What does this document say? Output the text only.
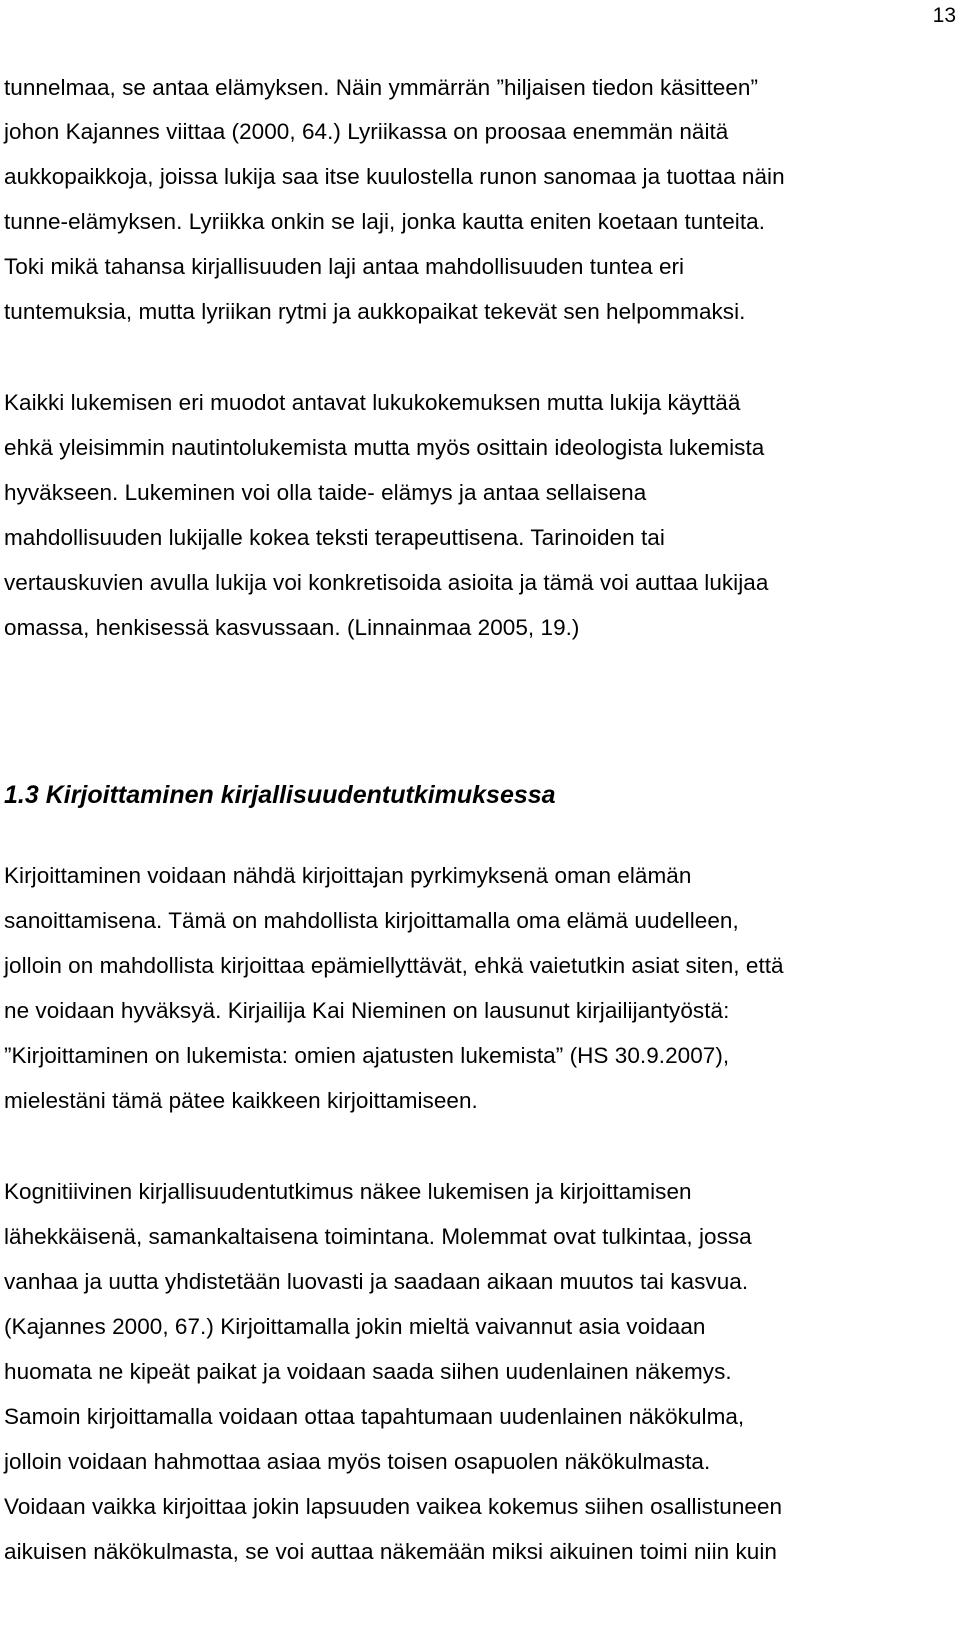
13
tunnelmaa, se antaa elämyksen. Näin ymmärrän ”hiljaisen tiedon käsitteen”
johon Kajannes viittaa (2000, 64.) Lyriikassa on proosaa enemmän näitä
aukkopaikkoja, joissa lukija saa itse kuulostella runon sanomaa ja tuottaa näin
tunne-elämyksen. Lyriikka onkin se laji, jonka kautta eniten koetaan tunteita.
Toki mikä tahansa kirjallisuuden laji antaa mahdollisuuden tuntea eri
tuntemuksia, mutta lyriikan rytmi ja aukkopaikat tekevät sen helpommaksi.
Kaikki lukemisen eri muodot antavat lukukokemuksen mutta lukija käyttää
ehkä yleisimmin nautintolukemista mutta myös osittain ideologista lukemista
hyväkseen. Lukeminen voi olla taide- elämys ja antaa sellaisena
mahdollisuuden lukijalle kokea teksti terapeuttisena. Tarinoiden tai
vertauskuvien avulla lukija voi konkretisoida asioita ja tämä voi auttaa lukijaa
omassa, henkisessä kasvussaan. (Linnainmaa 2005, 19.)
1.3 Kirjoittaminen kirjallisuudentutkimuksessa
Kirjoittaminen voidaan nähdä kirjoittajan pyrkimyksenä oman elämän
sanoittamisena. Tämä on mahdollista kirjoittamalla oma elämä uudelleen,
jolloin on mahdollista kirjoittaa epämiellyttävät, ehkä vaietutkin asiat siten, että
ne voidaan hyväksyä. Kirjailija Kai Nieminen on lausunut kirjailijantyöstä:
”Kirjoittaminen on lukemista: omien ajatusten lukemista” (HS 30.9.2007),
mielestäni tämä pätee kaikkeen kirjoittamiseen.
Kognitiivinen kirjallisuudentutkimus näkee lukemisen ja kirjoittamisen
lähekkäisenä, samankaltaisena toimintana. Molemmat ovat tulkintaa, jossa
vanhaa ja uutta yhdistetään luovasti ja saadaan aikaan muutos tai kasvua.
(Kajannes 2000, 67.) Kirjoittamalla jokin mieltä vaivannut asia voidaan
huomata ne kipeät paikat ja voidaan saada siihen uudenlainen näkemys.
Samoin kirjoittamalla voidaan ottaa tapahtumaan uudenlainen näkökulma,
jolloin voidaan hahmottaa asiaa myös toisen osapuolen näkökulmasta.
Voidaan vaikka kirjoittaa jokin lapsuuden vaikea kokemus siihen osallistuneen
aikuisen näkökulmasta, se voi auttaa näkemään miksi aikuinen toimi niin kuin
